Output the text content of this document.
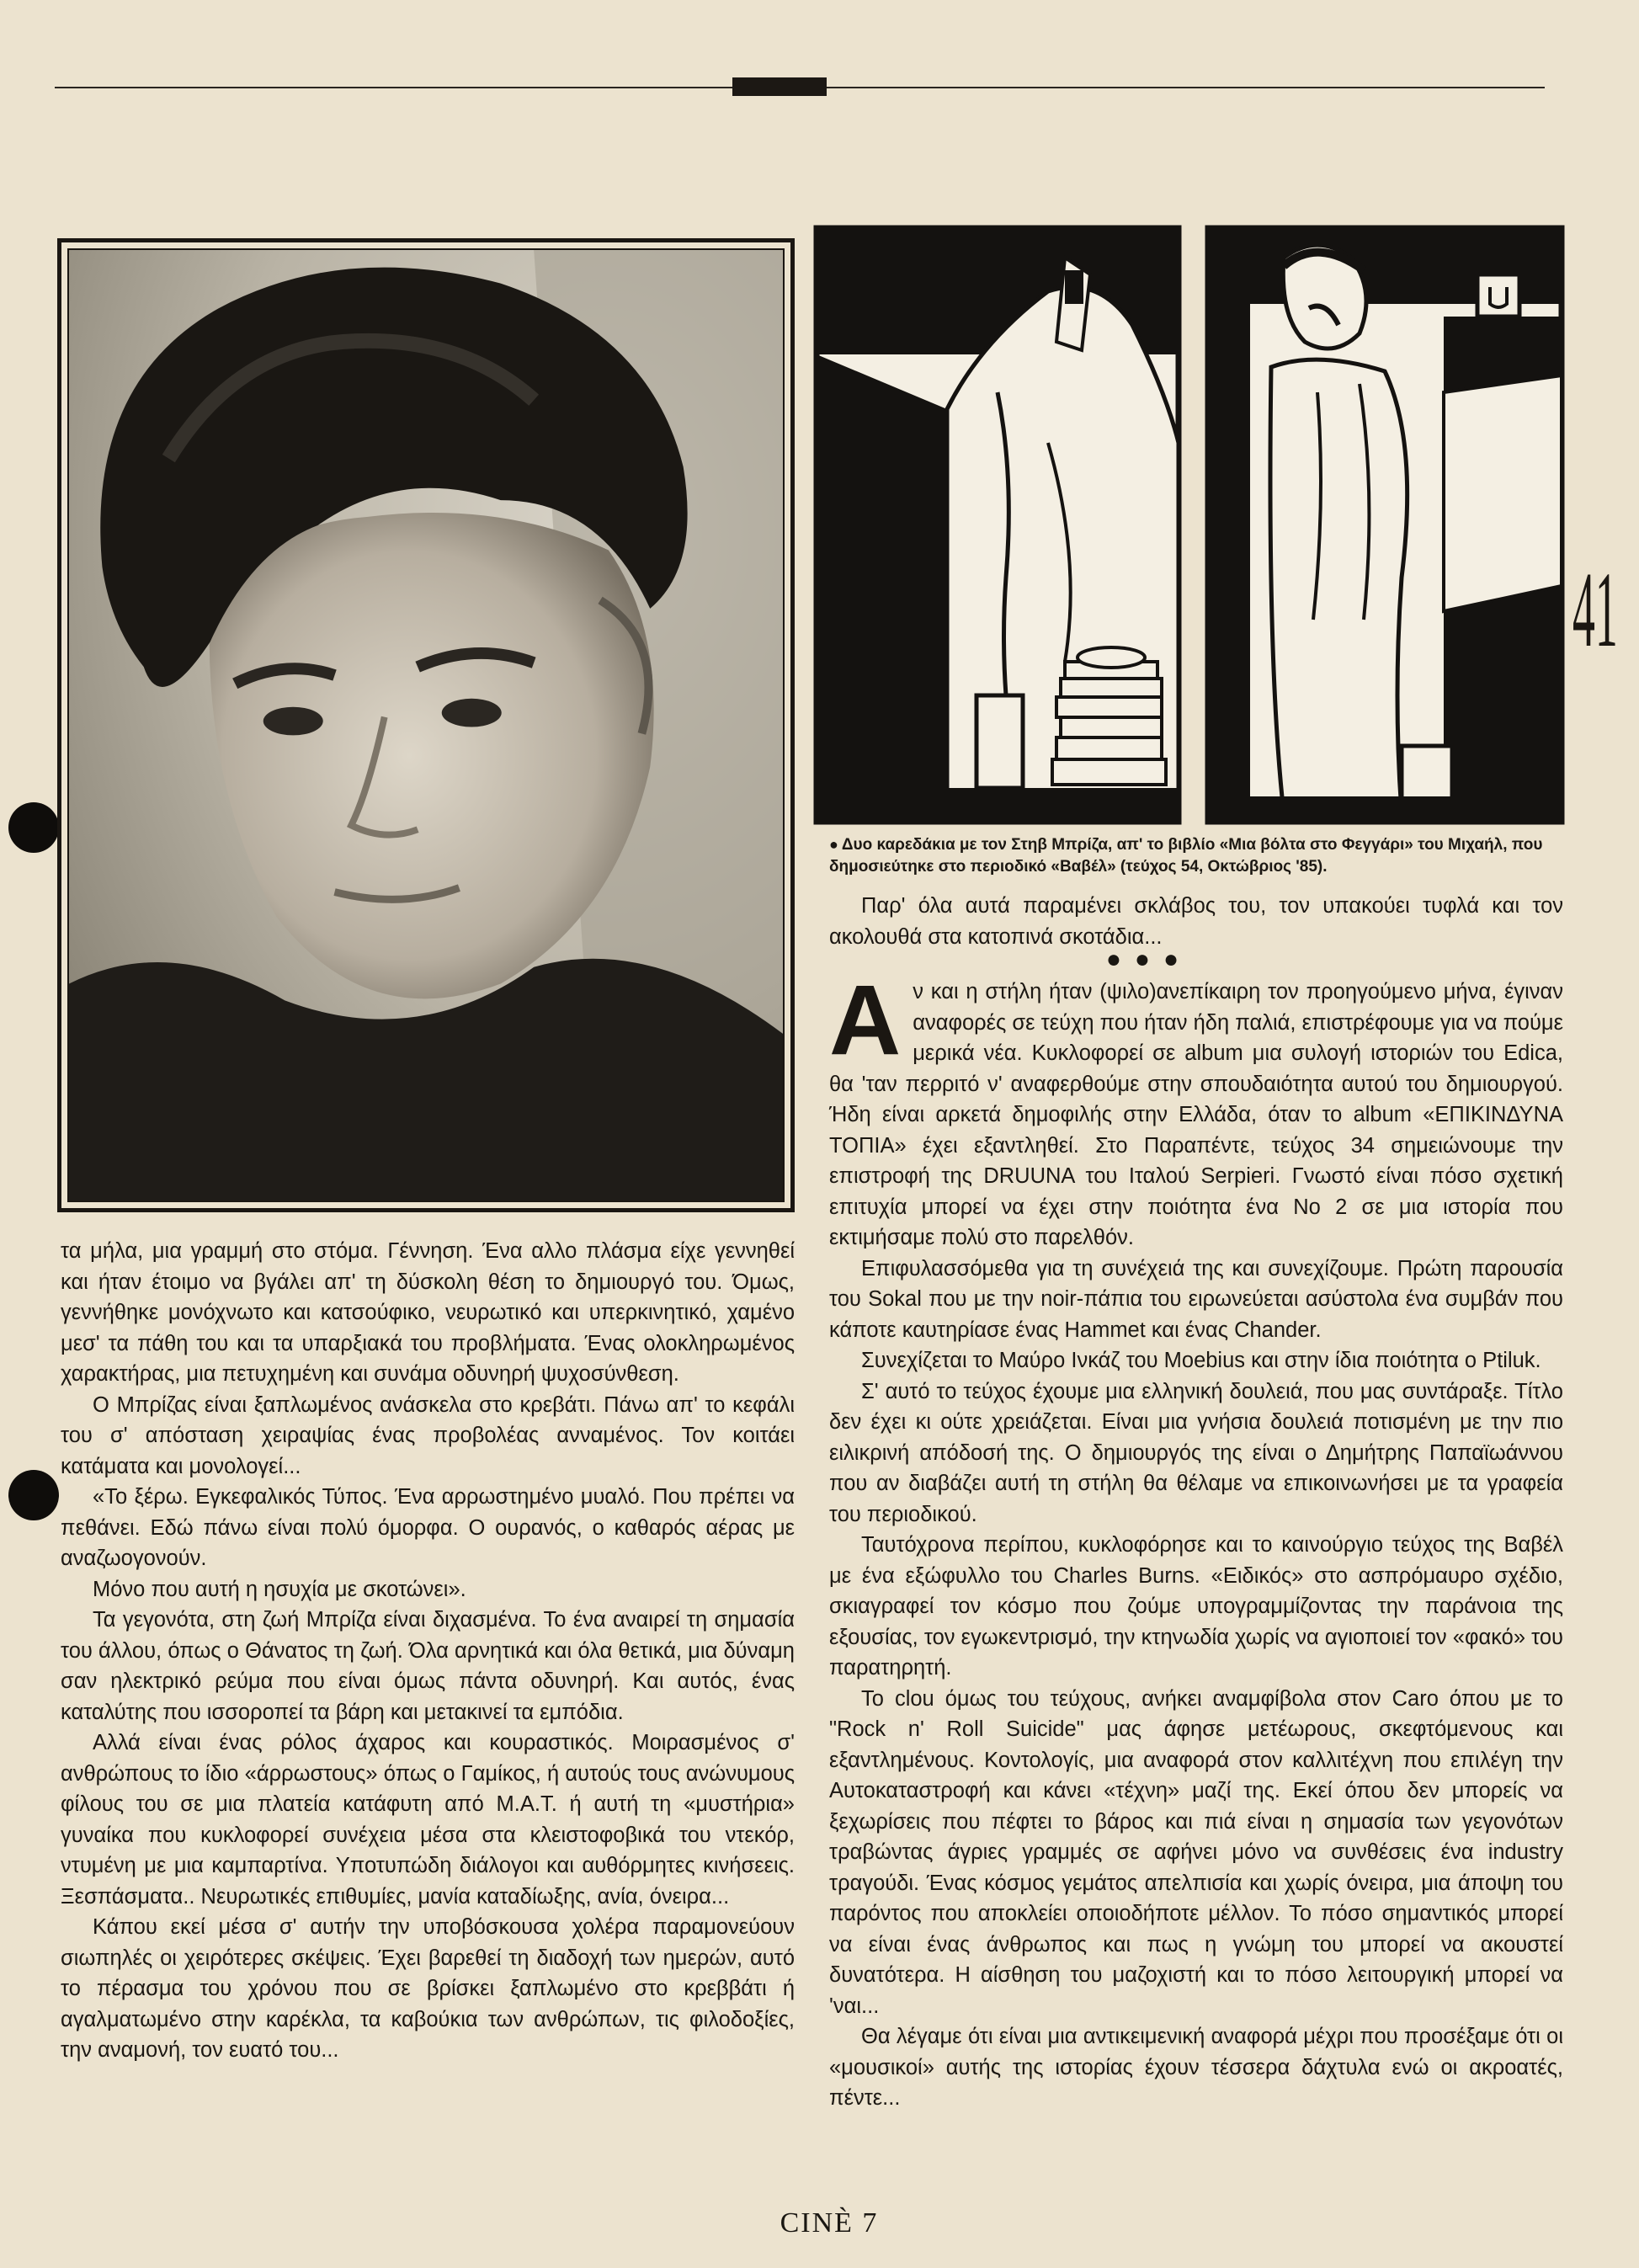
41
● Δυο καρεδάκια με τον Στηβ Μπρίζα, απ' το βιβλίο «Μια βόλτα στο Φεγγάρι» του Μιχαήλ, που δημοσιεύτηκε στο περιοδικό «Βαβέλ» (τεύχος 54, Οκτώβριος '85).

τα μήλα, μια γραμμή στο στόμα. Γέννηση. Ένα αλλο πλάσμα είχε γεννηθεί και ήταν έτοιμο να βγάλει απ' τη δύσκολη θέση το δημιουργό του. Όμως, γεννήθηκε μονόχνωτο και κατσούφικο, νευρωτικό και υπερκινητικό, χαμένο μεσ' τα πάθη του και τα υπαρξιακά του προβλήματα. Ένας ολοκληρωμένος χαρακτήρας, μια πετυχημένη και συνάμα οδυνηρή ψυχοσύνθεση.

Ο Μπρίζας είναι ξαπλωμένος ανάσκελα στο κρεβάτι. Πάνω απ' το κεφάλι του σ' απόσταση χειραψίας ένας προβολέας ανναμένος. Τον κοιτάει κατάματα και μονολογεί...

«Το ξέρω. Εγκεφαλικός Τύπος. Ένα αρρωστημένο μυαλό. Που πρέπει να πεθάνει. Εδώ πάνω είναι πολύ όμορφα. Ο ουρανός, ο καθαρός αέρας με αναζωογονούν.

Μόνο που αυτή η ησυχία με σκοτώνει».

Τα γεγονότα, στη ζωή Μπρίζα είναι διχασμένα. Το ένα αναιρεί τη σημασία του άλλου, όπως ο Θάνατος τη ζωή. Όλα αρνητικά και όλα θετικά, μια δύναμη σαν ηλεκτρικό ρεύμα που είναι όμως πάντα οδυνηρή. Και αυτός, ένας καταλύτης που ισσοροπεί τα βάρη και μετακινεί τα εμπόδια.

Αλλά είναι ένας ρόλος άχαρος και κουραστικός. Μοιρασμένος σ' ανθρώπους το ίδιο «άρρωστους» όπως ο Γαμίκος, ή αυτούς τους ανώνυμους φίλους του σε μια πλατεία κατάφυτη από Μ.Α.Τ. ή αυτή τη «μυστήρια» γυναίκα που κυκλοφορεί συνέχεια μέσα στα κλειστοφοβικά του ντεκόρ, ντυμένη με μια καμπαρτίνα. Υποτυπώδη διάλογοι και αυθόρμητες κινήσεεις. Ξεσπάσματα.. Νευρωτικές επιθυμίες, μανία καταδίωξης, ανία, όνειρα...

Κάπου εκεί μέσα σ' αυτήν την υποβόσκουσα χολέρα παραμονεύουν σιωπηλές οι χειρότερες σκέψεις. Έχει βαρεθεί τη διαδοχή των ημερών, αυτό το πέρασμα του χρόνου που σε βρίσκει ξαπλωμένο στο κρεββάτι ή αγαλματωμένο στην καρέκλα, τα καβούκια των ανθρώπων, τις φιλοδοξίες, την αναμονή, τον ευατό του...

Παρ' όλα αυτά παραμένει σκλάβος του, τον υπακούει τυφλά και τον ακολουθά στα κατοπινά σκοτάδια...

●●●

Αν και η στήλη ήταν (ψιλο)ανεπίκαιρη τον προηγούμενο μήνα, έγιναν αναφορές σε τεύχη που ήταν ήδη παλιά, επιστρέφουμε για να πούμε μερικά νέα. Κυκλοφορεί σε album μια συλογή ιστοριών του Edica, θα 'ταν περριτό ν' αναφερθούμε στην σπουδαιότητα αυτού του δημιουργού. Ήδη είναι αρκετά δημοφιλής στην Ελλάδα, όταν το album «ΕΠΙΚΙΝΔΥΝΑ ΤΟΠΙΑ» έχει εξαντληθεί. Στο Παραπέντε, τεύχος 34 σημειώνουμε την επιστροφή της DRUUNA του Ιταλού Serpieri. Γνωστό είναι πόσο σχετική επιτυχία μπορεί να έχει στην ποιότητα ένα Νο 2 σε μια ιστορία που εκτιμήσαμε πολύ στο παρελθόν.

Επιφυλασσόμεθα για τη συνέχειά της και συνεχίζουμε. Πρώτη παρουσία του Sokal που με την noir-πάπια του ειρωνεύεται ασύστολα ένα συμβάν που κάποτε καυτηρίασε ένας Hammet και ένας Chander.

Συνεχίζεται το Μαύρο Ινκάζ του Moebius και στην ίδια ποιότητα ο Ptiluk.

Σ' αυτό το τεύχος έχουμε μια ελληνική δουλειά, που μας συντάραξε. Τίτλο δεν έχει κι ούτε χρειάζεται. Είναι μια γνήσια δουλειά ποτισμένη με την πιο ειλικρινή απόδοσή της. Ο δημιουργός της είναι ο Δημήτρης Παπαϊωάννου που αν διαβάζει αυτή τη στήλη θα θέλαμε να επικοινωνήσει με τα γραφεία του περιοδικού.

Ταυτόχρονα περίπου, κυκλοφόρησε και το καινούργιο τεύχος της Βαβέλ με ένα εξώφυλλο του Charles Burns. «Ειδικός» στο ασπρόμαυρο σχέδιο, σκιαγραφεί τον κόσμο που ζούμε υπογραμμίζοντας την παράνοια της εξουσίας, τον εγωκεντρισμό, την κτηνωδία χωρίς να αγιοποιεί τον «φακό» του παρατηρητή.

Το clou όμως του τεύχους, ανήκει αναμφίβολα στον Caro όπου με το "Rock n' Roll Suicide" μας άφησε μετέωρους, σκεφτόμενους και εξαντλημένους. Κοντολογίς, μια αναφορά στον καλλιτέχνη που επιλέγη την Αυτοκαταστροφή και κάνει «τέχνη» μαζί της. Εκεί όπου δεν μπορείς να ξεχωρίσεις που πέφτει το βάρος και πιά είναι η σημασία των γεγονότων τραβώντας άγριες γραμμές σε αφήνει μόνο να συνθέσεις ένα industry τραγούδι. Ένας κόσμος γεμάτος απελπισία και χωρίς όνειρα, μια άποψη του παρόντος που αποκλείει οποιοδήποτε μέλλον. Το πόσο σημαντικός μπορεί να είναι ένας άνθρωπος και πως η γνώμη του μπορεί να ακουστεί δυνατότερα. Η αίσθηση του μαζοχιστή και το πόσο λειτουργική μπορεί να 'ναι...

Θα λέγαμε ότι είναι μια αντικειμενική αναφορά μέχρι που προσέξαμε ότι οι «μουσικοί» αυτής της ιστορίας έχουν τέσσερα δάχτυλα ενώ οι ακροατές, πέντε...

CINÈ 7
